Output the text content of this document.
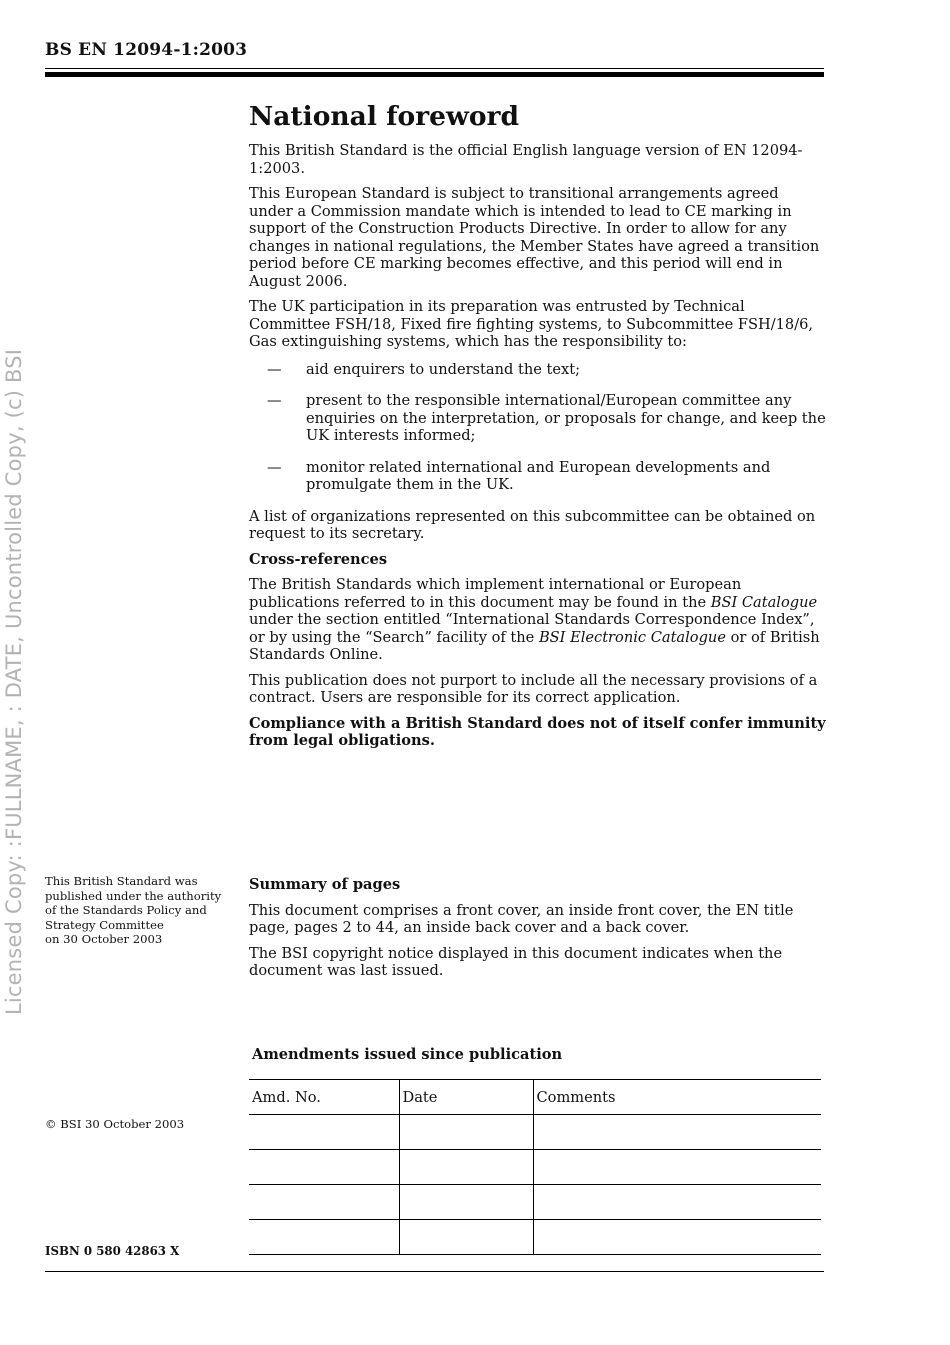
BS EN 12094-1:2003
Licensed Copy: :FULLNAME, : DATE, Uncontrolled Copy, (c) BSI
National foreword

This British Standard is the official English language version of EN 12094-1:2003.

This European Standard is subject to transitional arrangements agreed under a Commission mandate which is intended to lead to CE marking in support of the Construction Products Directive. In order to allow for any changes in national regulations, the Member States have agreed a transition period before CE marking becomes effective, and this period will end in August 2006.

The UK participation in its preparation was entrusted by Technical Committee FSH/18, Fixed fire fighting systems, to Subcommittee FSH/18/6, Gas extinguishing systems, which has the responsibility to:

— aid enquirers to understand the text;
— present to the responsible international/European committee any enquiries on the interpretation, or proposals for change, and keep the UK interests informed;
— monitor related international and European developments and promulgate them in the UK.

A list of organizations represented on this subcommittee can be obtained on request to its secretary.

Cross-references

The British Standards which implement international or European publications referred to in this document may be found in the BSI Catalogue under the section entitled “International Standards Correspondence Index”, or by using the “Search” facility of the BSI Electronic Catalogue or of British Standards Online.

This publication does not purport to include all the necessary provisions of a contract. Users are responsible for its correct application.

Compliance with a British Standard does not of itself confer immunity from legal obligations.

This British Standard was
published under the authority
of the Standards Policy and
Strategy Committee
on 30 October 2003
Summary of pages

This document comprises a front cover, an inside front cover, the EN title page, pages 2 to 44, an inside back cover and a back cover.

The BSI copyright notice displayed in this document indicates when the document was last issued.

Amendments issued since publication
Amd. No.	Date	Comments

© BSI 30 October 2003
ISBN 0 580 42863 X
